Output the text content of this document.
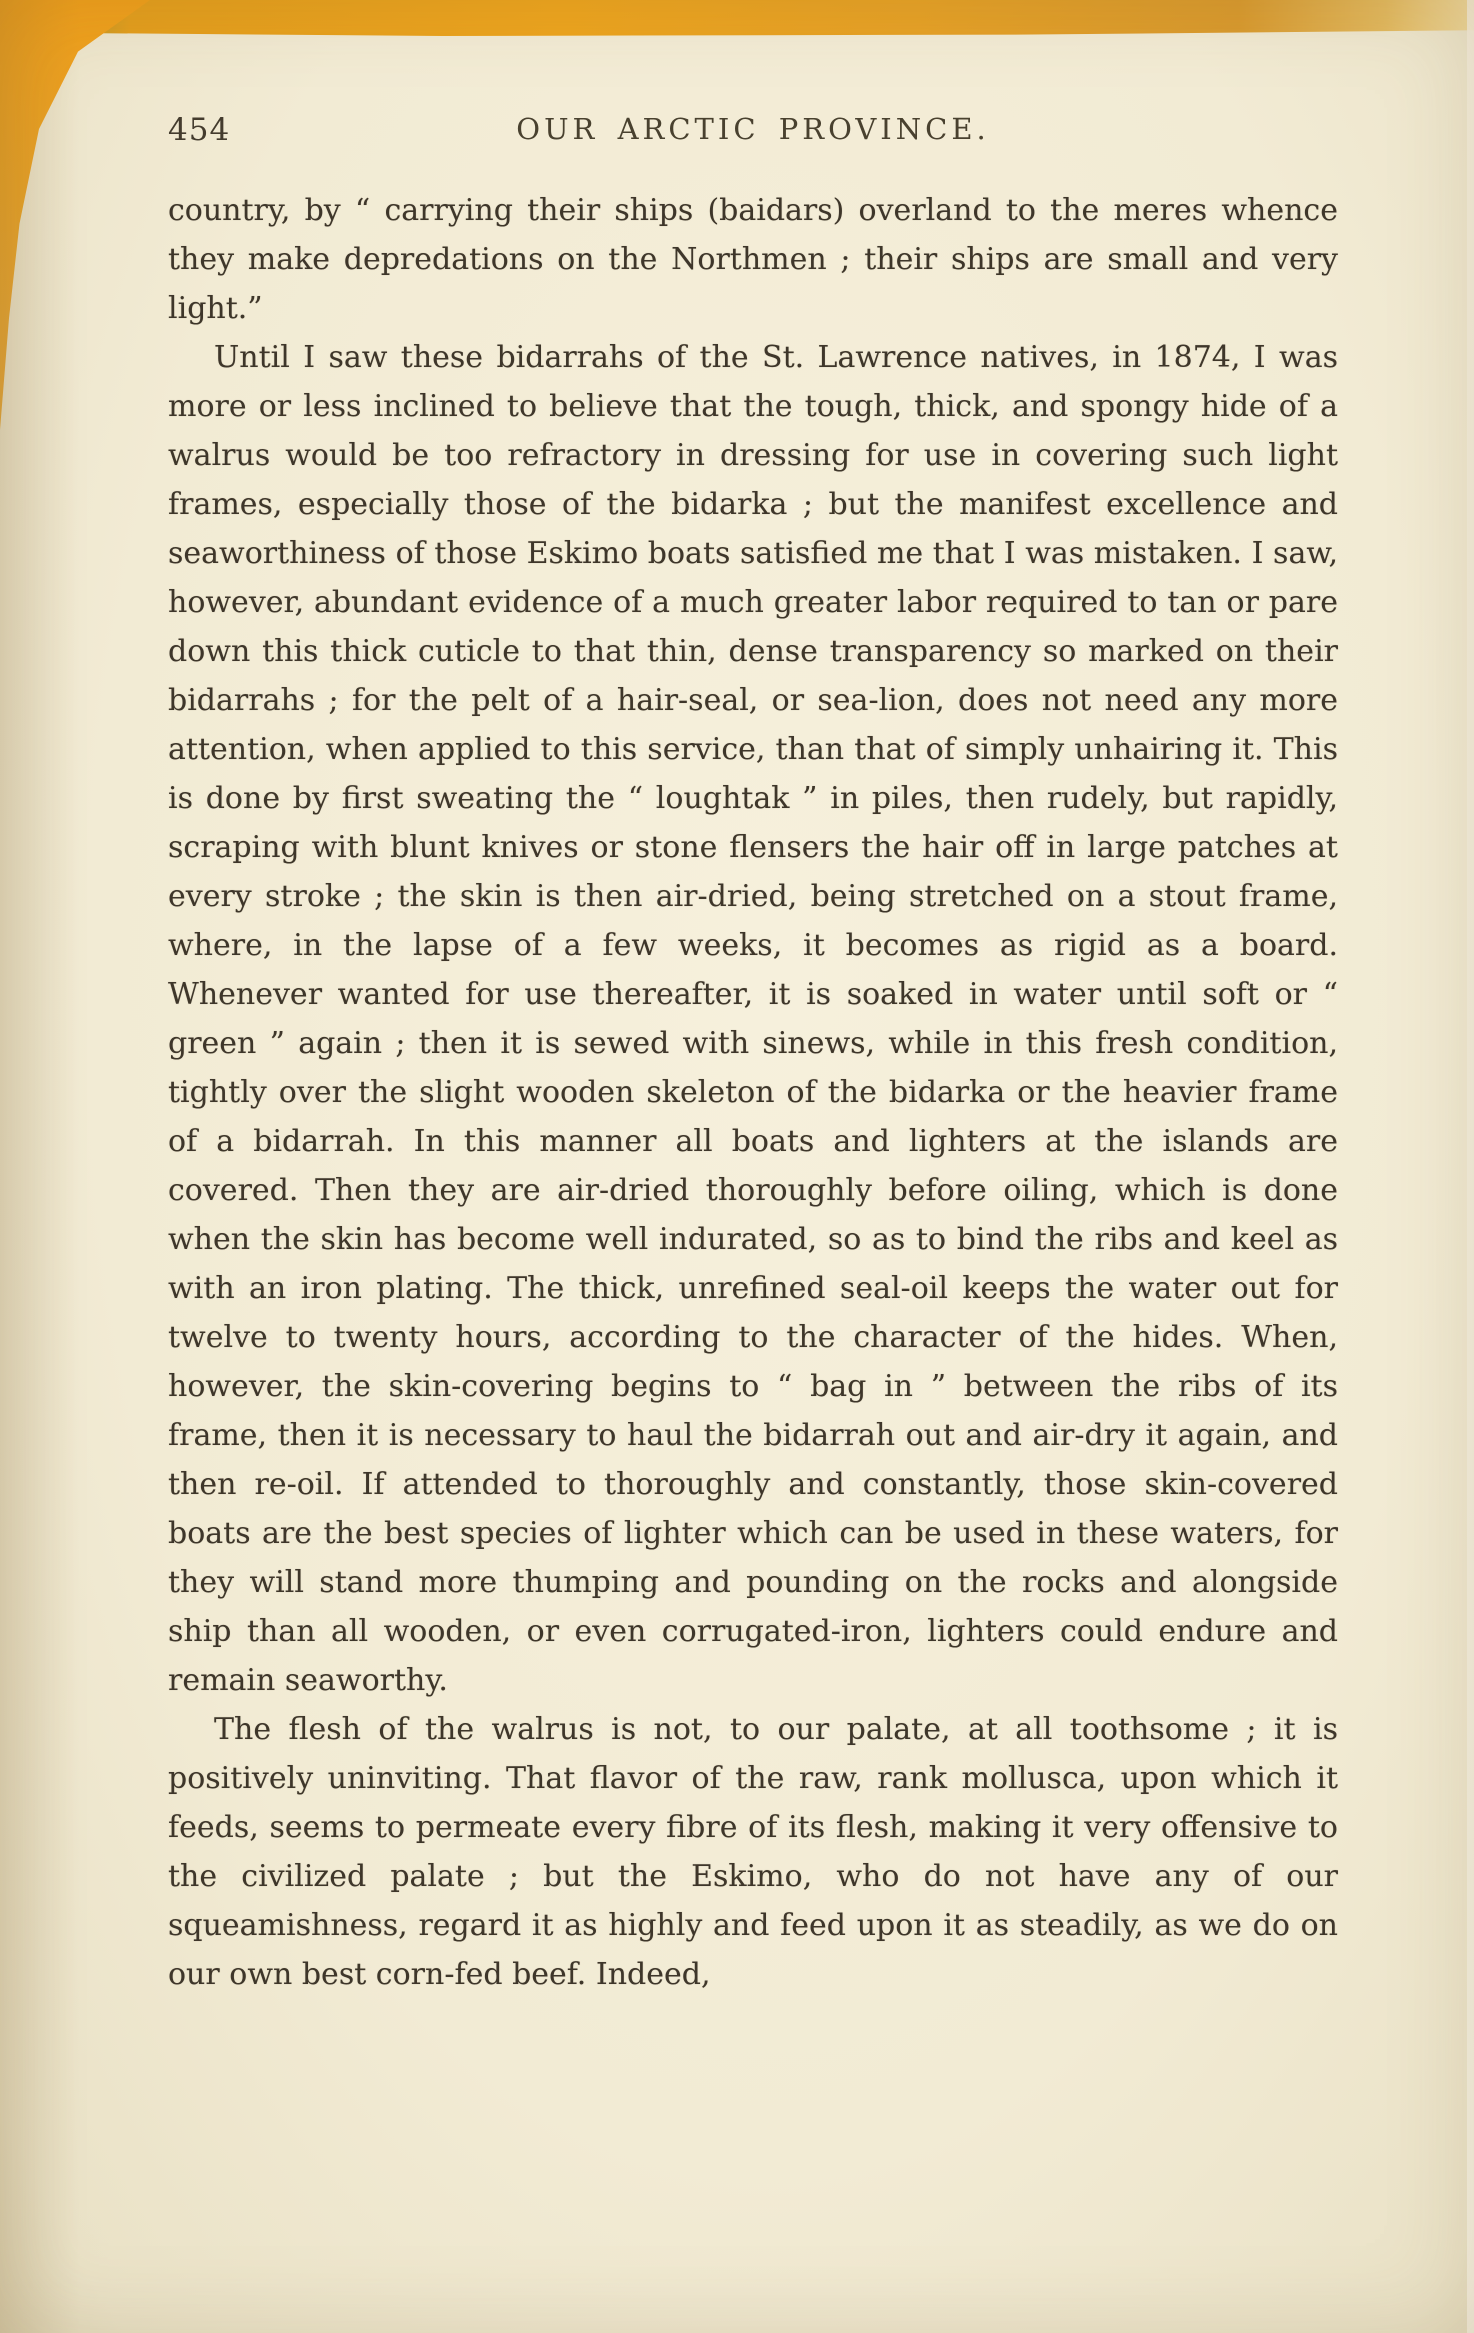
454	OUR ARCTIC PROVINCE.

country, by “ carrying their ships (baidars) overland to the meres whence they make depredations on the Northmen ; their ships are small and very light.”

Until I saw these bidarrahs of the St. Lawrence natives, in 1874, I was more or less inclined to believe that the tough, thick, and spongy hide of a walrus would be too refractory in dressing for use in covering such light frames, especially those of the bidarka ; but the manifest excellence and seaworthiness of those Eskimo boats satisfied me that I was mistaken. I saw, however, abundant evidence of a much greater labor required to tan or pare down this thick cuticle to that thin, dense transparency so marked on their bidarrahs ; for the pelt of a hair-seal, or sea-lion, does not need any more attention, when applied to this service, than that of simply unhairing it. This is done by first sweating the “ loughtak ” in piles, then rudely, but rapidly, scraping with blunt knives or stone flensers the hair off in large patches at every stroke ; the skin is then air-dried, being stretched on a stout frame, where, in the lapse of a few weeks, it becomes as rigid as a board. Whenever wanted for use thereafter, it is soaked in water until soft or “ green ” again ; then it is sewed with sinews, while in this fresh condition, tightly over the slight wooden skeleton of the bidarka or the heavier frame of a bidarrah. In this manner all boats and lighters at the islands are covered. Then they are air-dried thoroughly before oiling, which is done when the skin has become well indurated, so as to bind the ribs and keel as with an iron plating. The thick, unrefined seal-oil keeps the water out for twelve to twenty hours, according to the character of the hides. When, however, the skin-covering begins to “ bag in ” between the ribs of its frame, then it is necessary to haul the bidarrah out and air-dry it again, and then re-oil. If attended to thoroughly and constantly, those skin-covered boats are the best species of lighter which can be used in these waters, for they will stand more thumping and pounding on the rocks and alongside ship than all wooden, or even corrugated-iron, lighters could endure and remain seaworthy.

The flesh of the walrus is not, to our palate, at all toothsome ; it is positively uninviting. That flavor of the raw, rank mollusca, upon which it feeds, seems to permeate every fibre of its flesh, making it very offensive to the civilized palate ; but the Eskimo, who do not have any of our squeamishness, regard it as highly and feed upon it as steadily, as we do on our own best corn-fed beef. Indeed,
